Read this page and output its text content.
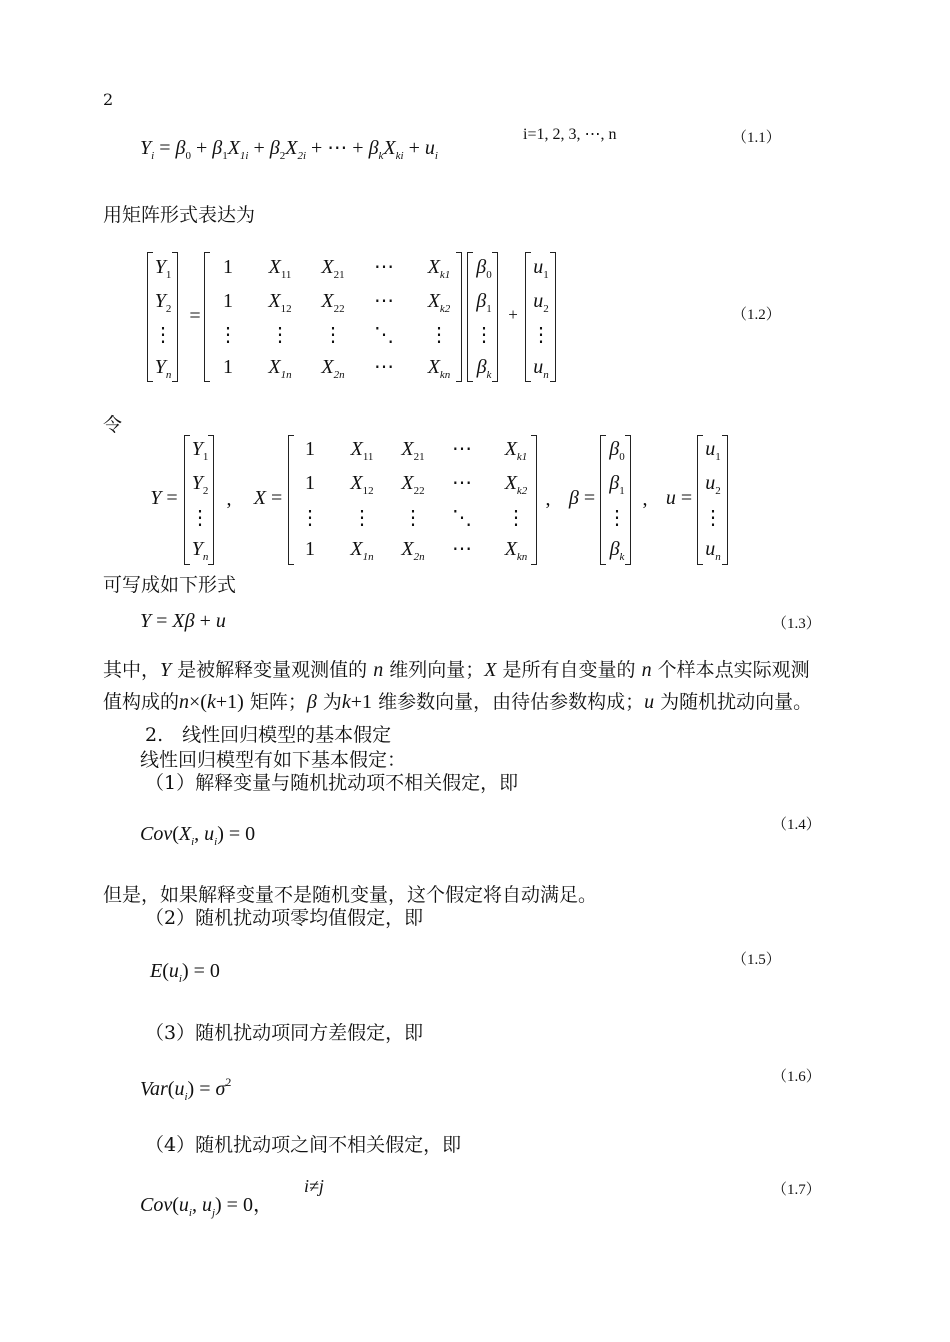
2
$Y_i = \beta_0 + \beta_1X_{1i} + \beta_2X_{2i}$ + ⋯ + $\beta_kX_{ki} + u_i$
i=1, 2, 3, ⋯, n	（1.1）
用矩阵形式表达为
$Y_1$
$Y_2$
⋮
$Y_n$
=
1	$X_{11}$	$X_{21}$	⋯	$X_{k1}$
1	$X_{12}$	$X_{22}$	⋯	$X_{k2}$
⋮ ⋮ ⋮ ⋱ ⋮
1	$X_{1n}$	$X_{2n}$	⋯	$X_{kn}$
$\beta_0$
$\beta_1$
⋮
$\beta_k$
+
$u_1$
$u_2$
⋮
$u_n$
（1.2）
令
Y =
$Y_1$
$Y_2$
⋮
$Y_n$
,	X =
1	$X_{11}$	$X_{21}$	⋯	$X_{k1}$
1	$X_{12}$	$X_{22}$	⋯	$X_{k2}$
⋮ ⋮ ⋮ ⋱ ⋮
1	$X_{1n}$	$X_{2n}$	⋯	$X_{kn}$
, β =
$\beta_0$
$\beta_1$
⋮
$\beta_k$
, u =
$u_1$
$u_2$
⋮
$u_n$
可写成如下形式
Y = Xβ + u	（1.3）
其中，Y 是被解释变量观测值的 n 维列向量；X 是所有自变量的 n 个样本点实际观测
值构成的n×(k+1) 矩阵；β 为k+1 维参数向量，由待估参数构成；u 为随机扰动向量。
2.　线性回归模型的基本假定
线性回归模型有如下基本假定：
（1）解释变量与随机扰动项不相关假定，即
$Cov(X_i$, $u_i) = 0$	（1.4）
但是，如果解释变量不是随机变量，这个假定将自动满足。
（2）随机扰动项零均值假定，即
$E(u_i) = 0$	（1.5）
（3）随机扰动项同方差假定，即
$Var(u_i) = \sigma^2$	（1.6）
（4）随机扰动项之间不相关假定，即
$Cov(u_i$, $u_j) = 0$，
i≠j	（1.7）
